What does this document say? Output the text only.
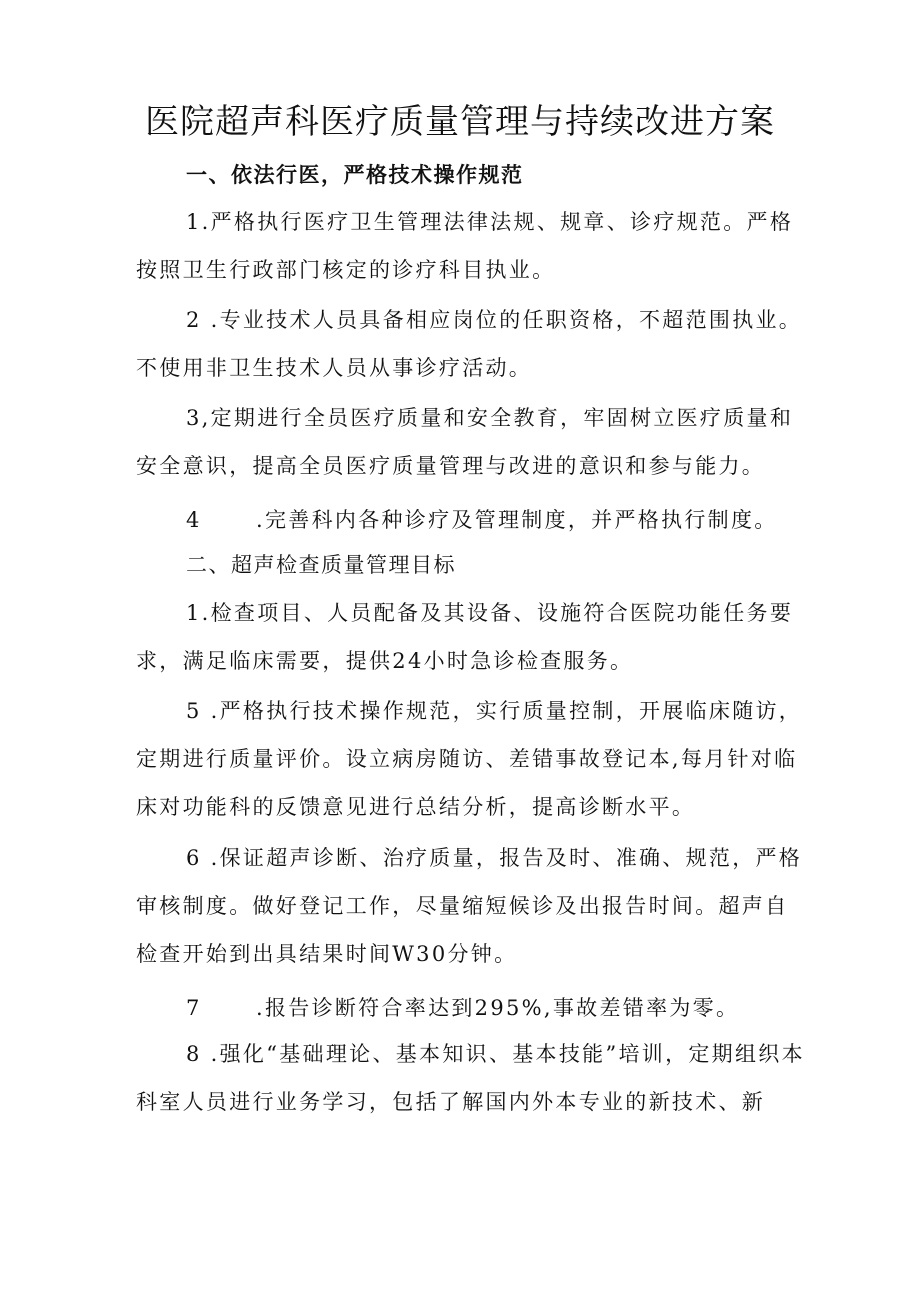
医院超声科医疗质量管理与持续改进方案

一、依法行医，严格技术操作规范

1.严格执行医疗卫生管理法律法规、规章、诊疗规范。严格按照卫生行政部门核定的诊疗科目执业。

2 .专业技术人员具备相应岗位的任职资格，不超范围执业。不使用非卫生技术人员从事诊疗活动。

3,定期进行全员医疗质量和安全教育，牢固树立医疗质量和安全意识，提高全员医疗质量管理与改进的意识和参与能力。

4	.完善科内各种诊疗及管理制度，并严格执行制度。

二、超声检查质量管理目标

1.检查项目、人员配备及其设备、设施符合医院功能任务要求，满足临床需要，提供24小时急诊检查服务。

5 .严格执行技术操作规范，实行质量控制，开展临床随访，定期进行质量评价。设立病房随访、差错事故登记本,每月针对临床对功能科的反馈意见进行总结分析，提高诊断水平。

6 .保证超声诊断、治疗质量，报告及时、准确、规范，严格审核制度。做好登记工作，尽量缩短候诊及出报告时间。超声自检查开始到出具结果时间W30分钟。

7	.报告诊断符合率达到295%,事故差错率为零。

8 .强化“基础理论、基本知识、基本技能”培训，定期组织本科室人员进行业务学习，包括了解国内外本专业的新技术、新
